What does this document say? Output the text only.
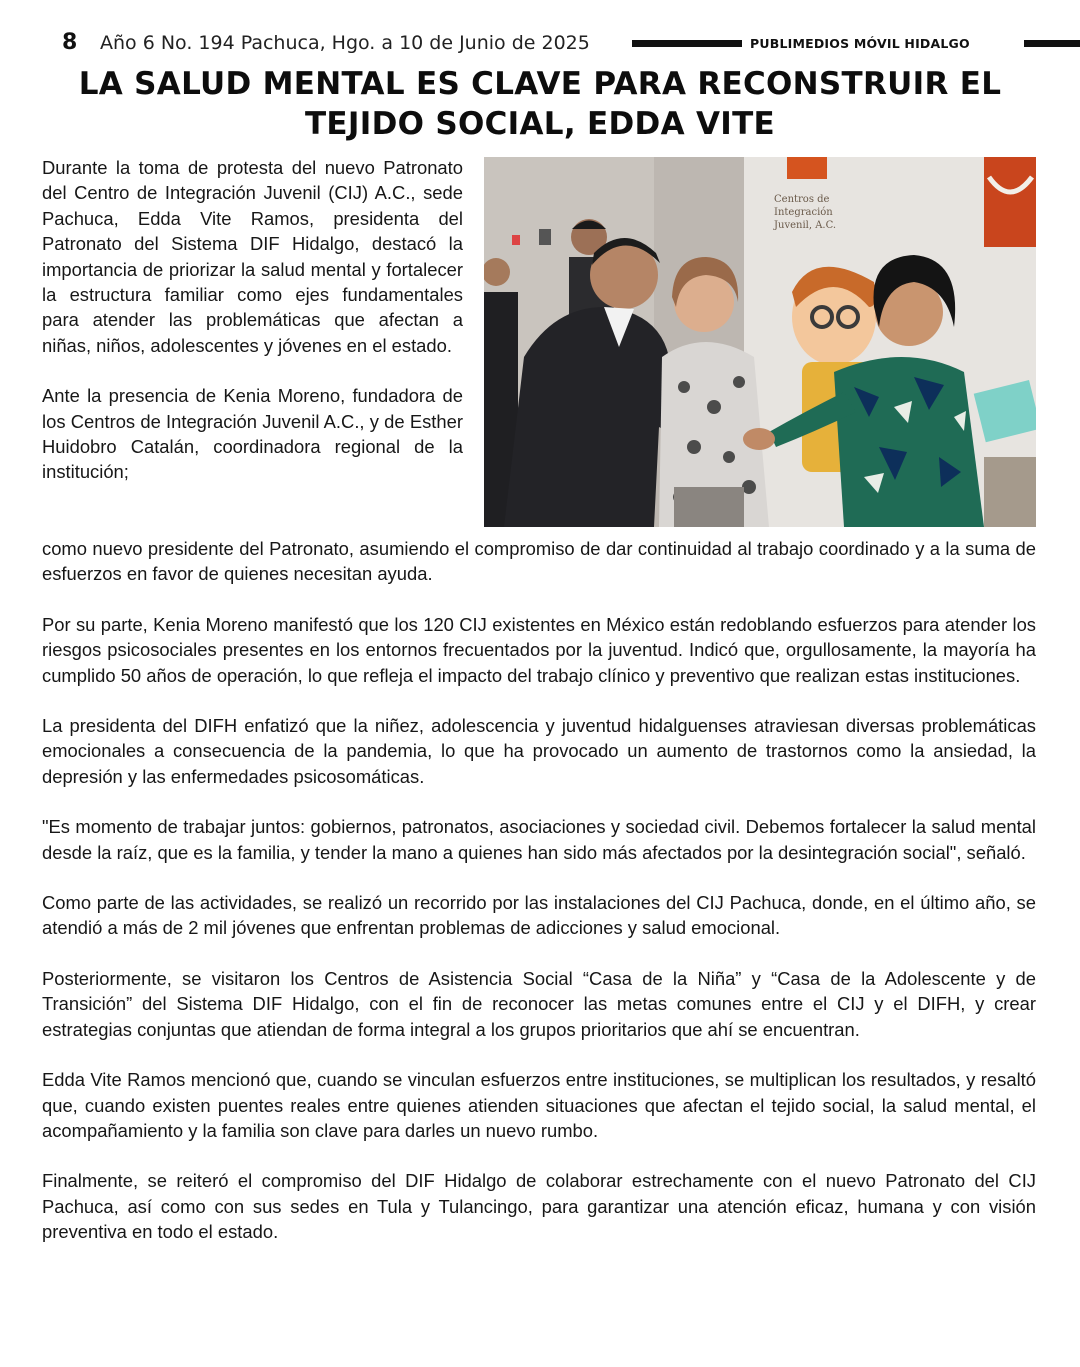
8 Año 6 No. 194 Pachuca, Hgo. a 10 de Junio de 2025	PUBLIMEDIOS MÓVIL HIDALGO
LA SALUD MENTAL ES CLAVE PARA RECONSTRUIR EL TEJIDO SOCIAL, EDDA VITE

Durante la toma de protesta del nuevo Patronato del Centro de Integración Juvenil (CIJ) A.C., sede Pachuca, Edda Vite Ramos, presidenta del Patronato del Sistema DIF Hidalgo, destacó la importancia de priorizar la salud mental y fortalecer la estructura familiar como ejes fundamentales para atender las problemáticas que afectan a niñas, niños, adolescentes y jóvenes en el estado.

Ante la presencia de Kenia Moreno, fundadora de los Centros de Integración Juvenil A.C., y de Esther Huidobro Catalán, coordinadora regional de la institución;

Centros de Integración Juvenil, A.C.

como nuevo presidente del Patronato, asumiendo el compromiso de dar continuidad al trabajo coordinado y a la suma de esfuerzos en favor de quienes necesitan ayuda.

Por su parte, Kenia Moreno manifestó que los 120 CIJ existentes en México están redoblando esfuerzos para atender los riesgos psicosociales presentes en los entornos frecuentados por la juventud. Indicó que, orgullosamente, la mayoría ha cumplido 50 años de operación, lo que refleja el impacto del trabajo clínico y preventivo que realizan estas instituciones.

La presidenta del DIFH enfatizó que la niñez, adolescencia y juventud hidalguenses atraviesan diversas problemáticas emocionales a consecuencia de la pandemia, lo que ha provocado un aumento de trastornos como la ansiedad, la depresión y las enfermedades psicosomáticas.

"Es momento de trabajar juntos: gobiernos, patronatos, asociaciones y sociedad civil. Debemos fortalecer la salud mental desde la raíz, que es la familia, y tender la mano a quienes han sido más afectados por la desintegración social", señaló.

Como parte de las actividades, se realizó un recorrido por las instalaciones del CIJ Pachuca, donde, en el último año, se atendió a más de 2 mil jóvenes que enfrentan problemas de adicciones y salud emocional.

Posteriormente, se visitaron los Centros de Asistencia Social “Casa de la Niña” y “Casa de la Adolescente y de Transición” del Sistema DIF Hidalgo, con el fin de reconocer las metas comunes entre el CIJ y el DIFH, y crear estrategias conjuntas que atiendan de forma integral a los grupos prioritarios que ahí se encuentran.

Edda Vite Ramos mencionó que, cuando se vinculan esfuerzos entre instituciones, se multiplican los resultados, y resaltó que, cuando existen puentes reales entre quienes atienden situaciones que afectan el tejido social, la salud mental, el acompañamiento y la familia son clave para darles un nuevo rumbo.

Finalmente, se reiteró el compromiso del DIF Hidalgo de colaborar estrechamente con el nuevo Patronato del CIJ Pachuca, así como con sus sedes en Tula y Tulancingo, para garantizar una atención eficaz, humana y con visión preventiva en todo el estado.
